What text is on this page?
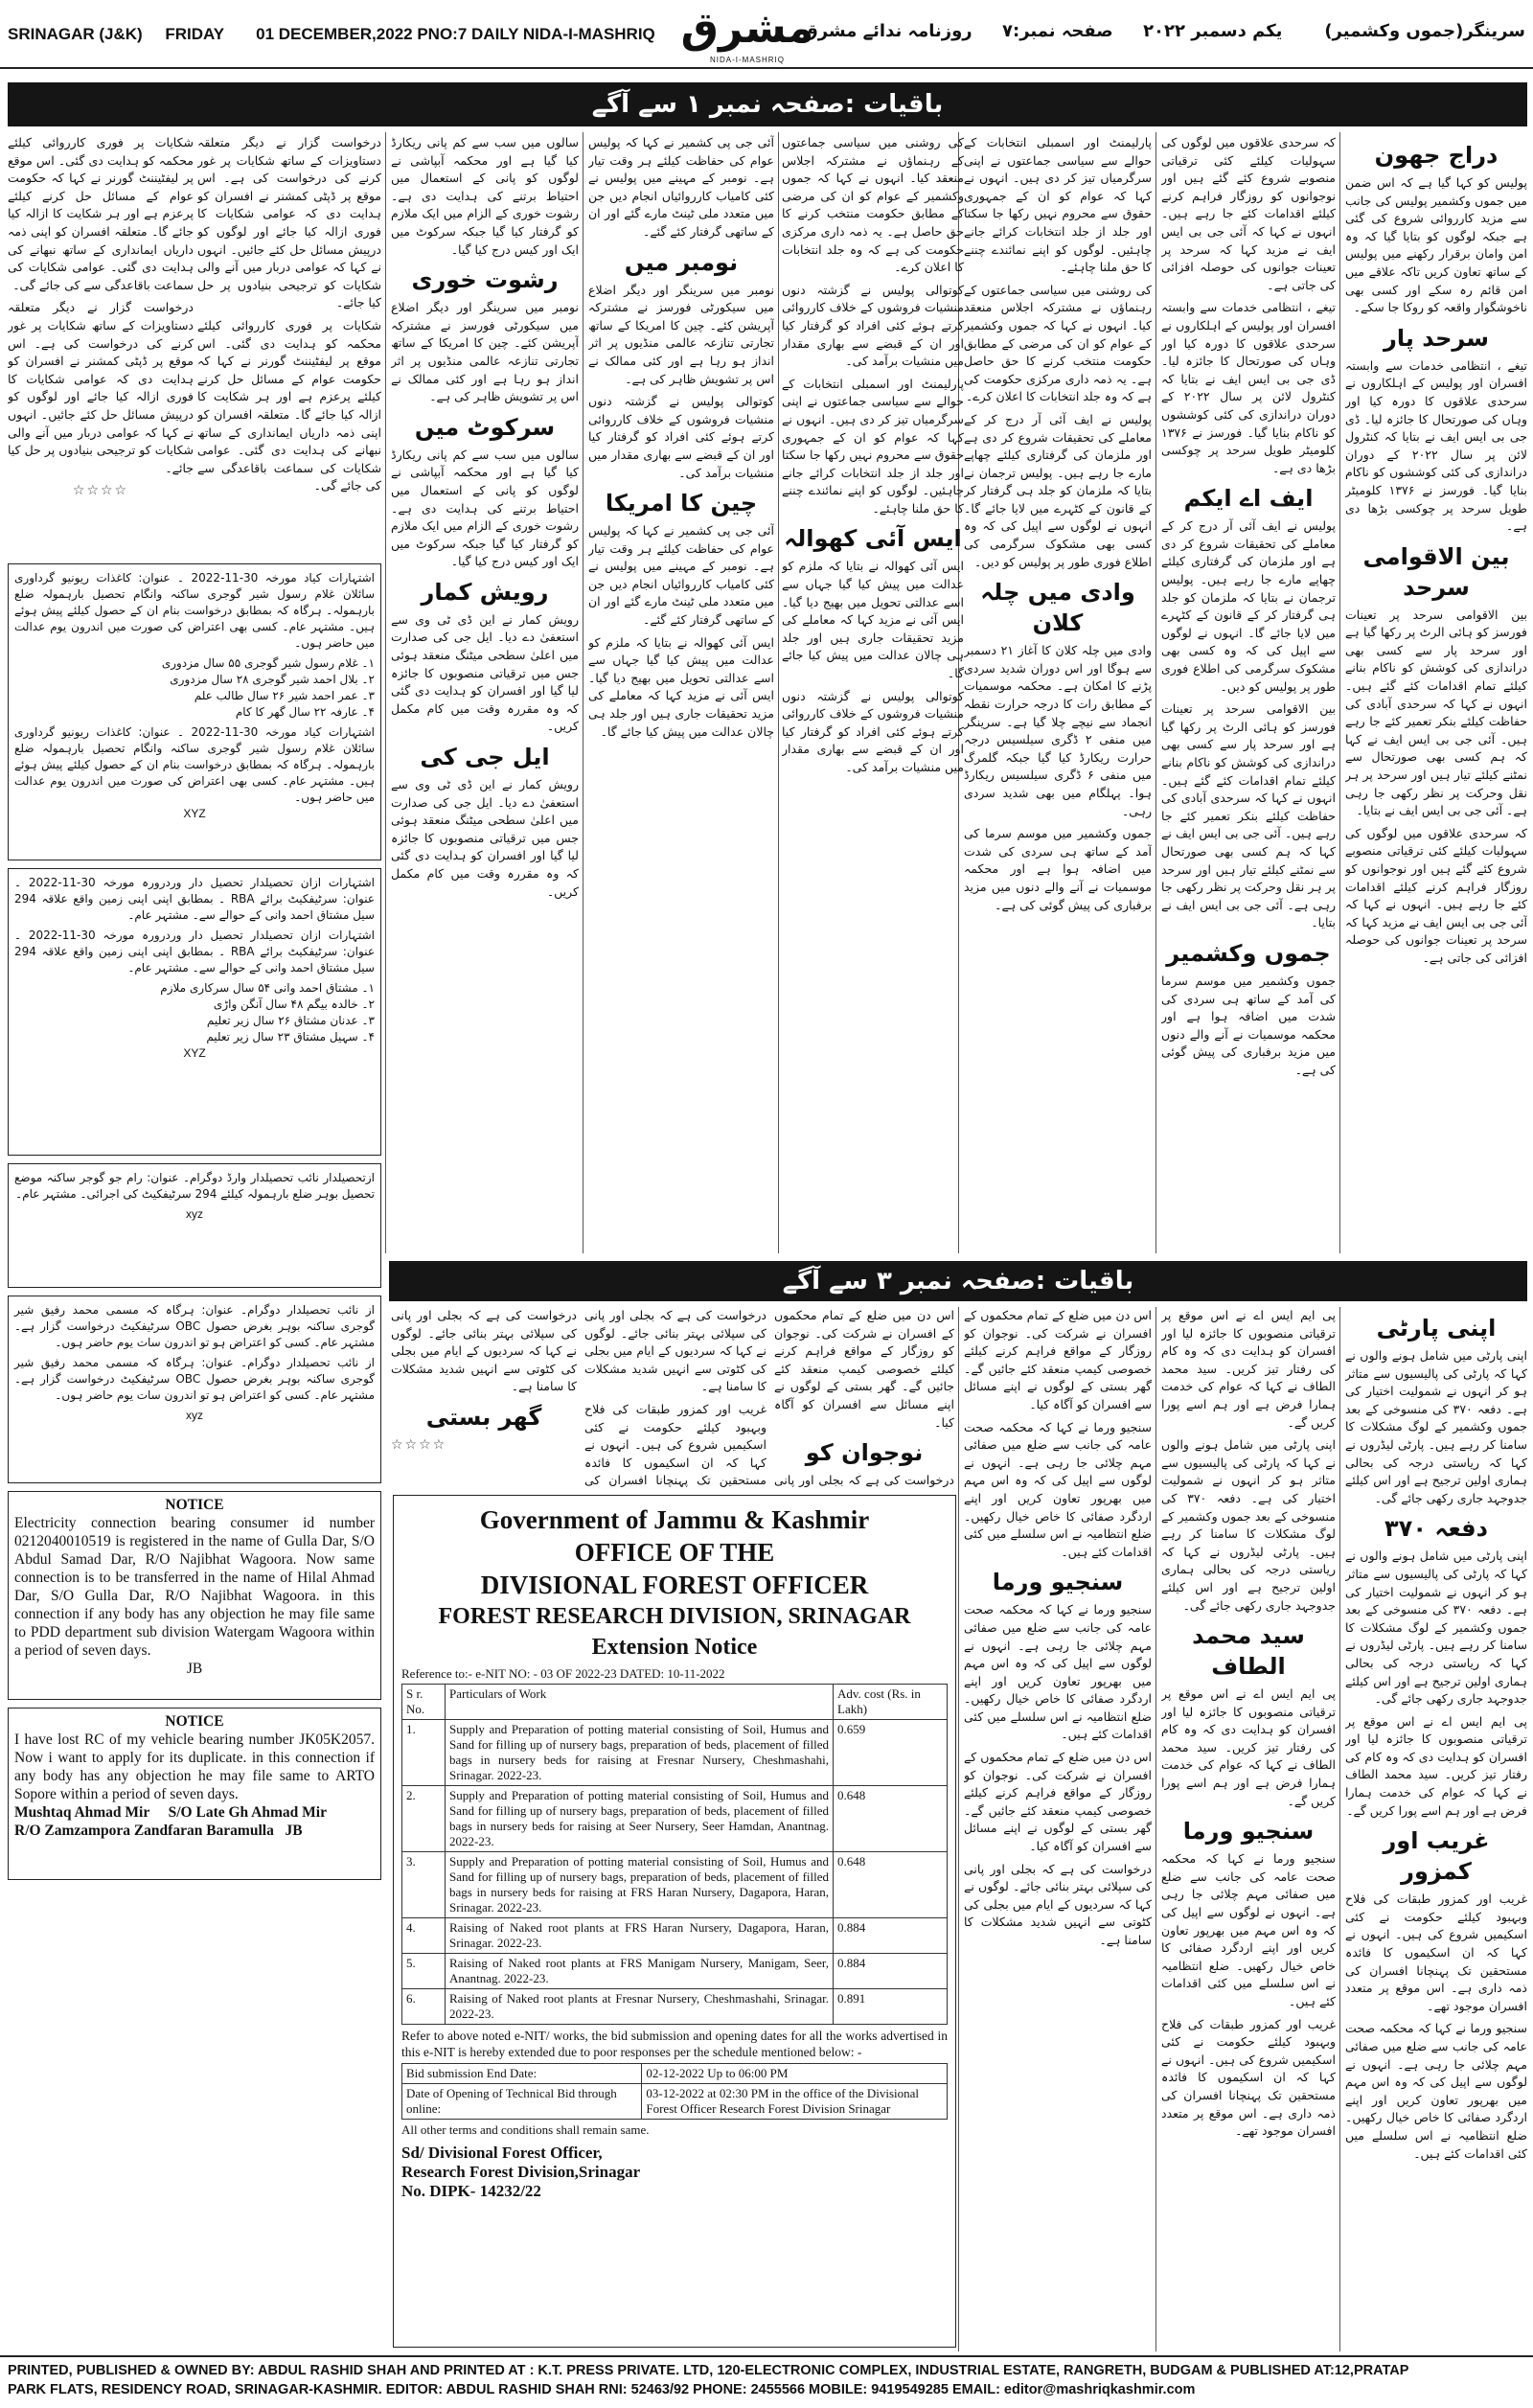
SRINAGAR (J&K) FRIDAY 01 DECEMBER,2022 PNO:7 DAILY NIDA-I-MASHRIQ مشرق
NIDA-I-MASHRIQ
سرینگر(جموں وکشمیر)       یکم دسمبر ۲۰۲۲     صفحہ نمبر:۷     روزنامہ ندائے مشرق
باقیات :صفحہ نمبر ۱ سے آگے
دراج جھون

پولیس کو کہا گیا ہے کہ اس ضمن میں جموں وکشمیر پولیس کی جانب سے مزید کارروائی شروع کی گئی ہے جبکہ لوگوں کو بتایا گیا کہ وہ امن وامان برقرار رکھنے میں پولیس کے ساتھ تعاون کریں تاکہ علاقے میں امن قائم رہ سکے اور کسی بھی ناخوشگوار واقعہ کو روکا جا سکے۔

سرحد پار

تیغے ، انتظامی خدمات سے وابستہ افسران اور پولیس کے اہلکاروں نے سرحدی علاقوں کا دورہ کیا اور وہاں کی صورتحال کا جائزہ لیا۔ ڈی جی بی ایس ایف نے بتایا کہ کنٹرول لائن پر سال ۲۰۲۲ کے دوران دراندازی کی کئی کوششوں کو ناکام بنایا گیا۔ فورسز نے ۱۳۷۶ کلومیٹر طویل سرحد پر چوکسی بڑھا دی ہے۔

بین الاقوامی سرحد

بین الاقوامی سرحد پر تعینات فورسز کو ہائی الرٹ پر رکھا گیا ہے اور سرحد پار سے کسی بھی دراندازی کی کوشش کو ناکام بنانے کیلئے تمام اقدامات کئے گئے ہیں۔ انہوں نے کہا کہ سرحدی آبادی کی حفاظت کیلئے بنکر تعمیر کئے جا رہے ہیں۔ آئی جی بی ایس ایف نے کہا کہ ہم کسی بھی صورتحال سے نمٹنے کیلئے تیار ہیں اور سرحد پر ہر نقل وحرکت پر نظر رکھی جا رہی ہے۔ آئی جی بی ایس ایف نے بتایا۔

کہ سرحدی علاقوں میں لوگوں کی سہولیات کیلئے کئی ترقیاتی منصوبے شروع کئے گئے ہیں اور نوجوانوں کو روزگار فراہم کرنے کیلئے اقدامات کئے جا رہے ہیں۔ انہوں نے کہا کہ آئی جی بی ایس ایف نے مزید کہا کہ سرحد پر تعینات جوانوں کی حوصلہ افزائی کی جاتی ہے۔

کہ سرحدی علاقوں میں لوگوں کی سہولیات کیلئے کئی ترقیاتی منصوبے شروع کئے گئے ہیں اور نوجوانوں کو روزگار فراہم کرنے کیلئے اقدامات کئے جا رہے ہیں۔ انہوں نے کہا کہ آئی جی بی ایس ایف نے مزید کہا کہ سرحد پر تعینات جوانوں کی حوصلہ افزائی کی جاتی ہے۔

تیغے ، انتظامی خدمات سے وابستہ افسران اور پولیس کے اہلکاروں نے سرحدی علاقوں کا دورہ کیا اور وہاں کی صورتحال کا جائزہ لیا۔ ڈی جی بی ایس ایف نے بتایا کہ کنٹرول لائن پر سال ۲۰۲۲ کے دوران دراندازی کی کئی کوششوں کو ناکام بنایا گیا۔ فورسز نے ۱۳۷۶ کلومیٹر طویل سرحد پر چوکسی بڑھا دی ہے۔

ایف اے ایکم

پولیس نے ایف آئی آر درج کر کے معاملے کی تحقیقات شروع کر دی ہے اور ملزمان کی گرفتاری کیلئے چھاپے مارے جا رہے ہیں۔ پولیس ترجمان نے بتایا کہ ملزمان کو جلد ہی گرفتار کر کے قانون کے کٹہرے میں لایا جائے گا۔ انہوں نے لوگوں سے اپیل کی کہ وہ کسی بھی مشکوک سرگرمی کی اطلاع فوری طور پر پولیس کو دیں۔

بین الاقوامی سرحد پر تعینات فورسز کو ہائی الرٹ پر رکھا گیا ہے اور سرحد پار سے کسی بھی دراندازی کی کوشش کو ناکام بنانے کیلئے تمام اقدامات کئے گئے ہیں۔ انہوں نے کہا کہ سرحدی آبادی کی حفاظت کیلئے بنکر تعمیر کئے جا رہے ہیں۔ آئی جی بی ایس ایف نے کہا کہ ہم کسی بھی صورتحال سے نمٹنے کیلئے تیار ہیں اور سرحد پر ہر نقل وحرکت پر نظر رکھی جا رہی ہے۔ آئی جی بی ایس ایف نے بتایا۔

جموں وکشمیر

جموں وکشمیر میں موسم سرما کی آمد کے ساتھ ہی سردی کی شدت میں اضافہ ہوا ہے اور محکمہ موسمیات نے آنے والے دنوں میں مزید برفباری کی پیش گوئی کی ہے۔

پارلیمنٹ اور اسمبلی انتخابات کے حوالے سے سیاسی جماعتوں نے اپنی سرگرمیاں تیز کر دی ہیں۔ انہوں نے کہا کہ عوام کو ان کے جمہوری حقوق سے محروم نہیں رکھا جا سکتا اور جلد از جلد انتخابات کرائے جانے چاہئیں۔ لوگوں کو اپنے نمائندے چننے کا حق ملنا چاہئے۔

کی روشنی میں سیاسی جماعتوں کے رہنماؤں نے مشترکہ اجلاس منعقد کیا۔ انہوں نے کہا کہ جموں وکشمیر کے عوام کو ان کی مرضی کے مطابق حکومت منتخب کرنے کا حق حاصل ہے۔ یہ ذمہ داری مرکزی حکومت کی ہے کہ وہ جلد انتخابات کا اعلان کرے۔

پولیس نے ایف آئی آر درج کر کے معاملے کی تحقیقات شروع کر دی ہے اور ملزمان کی گرفتاری کیلئے چھاپے مارے جا رہے ہیں۔ پولیس ترجمان نے بتایا کہ ملزمان کو جلد ہی گرفتار کر کے قانون کے کٹہرے میں لایا جائے گا۔ انہوں نے لوگوں سے اپیل کی کہ وہ کسی بھی مشکوک سرگرمی کی اطلاع فوری طور پر پولیس کو دیں۔

وادی میں چلہ کلان

وادی میں چلہ کلان کا آغاز ۲۱ دسمبر سے ہوگا اور اس دوران شدید سردی پڑنے کا امکان ہے۔ محکمہ موسمیات کے مطابق رات کا درجہ حرارت نقطہ انجماد سے نیچے چلا گیا ہے۔ سرینگر میں منفی ۲ ڈگری سیلسیس درجہ حرارت ریکارڈ کیا گیا جبکہ گلمرگ میں منفی ۶ ڈگری سیلسیس ریکارڈ ہوا۔ پہلگام میں بھی شدید سردی رہی۔

جموں وکشمیر میں موسم سرما کی آمد کے ساتھ ہی سردی کی شدت میں اضافہ ہوا ہے اور محکمہ موسمیات نے آنے والے دنوں میں مزید برفباری کی پیش گوئی کی ہے۔

کی روشنی میں سیاسی جماعتوں کے رہنماؤں نے مشترکہ اجلاس منعقد کیا۔ انہوں نے کہا کہ جموں وکشمیر کے عوام کو ان کی مرضی کے مطابق حکومت منتخب کرنے کا حق حاصل ہے۔ یہ ذمہ داری مرکزی حکومت کی ہے کہ وہ جلد انتخابات کا اعلان کرے۔

کوتوالی پولیس نے گزشتہ دنوں منشیات فروشوں کے خلاف کارروائی کرتے ہوئے کئی افراد کو گرفتار کیا اور ان کے قبضے سے بھاری مقدار میں منشیات برآمد کی۔

پارلیمنٹ اور اسمبلی انتخابات کے حوالے سے سیاسی جماعتوں نے اپنی سرگرمیاں تیز کر دی ہیں۔ انہوں نے کہا کہ عوام کو ان کے جمہوری حقوق سے محروم نہیں رکھا جا سکتا اور جلد از جلد انتخابات کرائے جانے چاہئیں۔ لوگوں کو اپنے نمائندے چننے کا حق ملنا چاہئے۔

ایس آئی کھوالہ

ایس آئی کھوالہ نے بتایا کہ ملزم کو عدالت میں پیش کیا گیا جہاں سے اسے عدالتی تحویل میں بھیج دیا گیا۔ ایس آئی نے مزید کہا کہ معاملے کی مزید تحقیقات جاری ہیں اور جلد ہی چالان عدالت میں پیش کیا جائے گا۔

کوتوالی پولیس نے گزشتہ دنوں منشیات فروشوں کے خلاف کارروائی کرتے ہوئے کئی افراد کو گرفتار کیا اور ان کے قبضے سے بھاری مقدار میں منشیات برآمد کی۔

آئی جی پی کشمیر نے کہا کہ پولیس عوام کی حفاظت کیلئے ہر وقت تیار ہے۔ نومبر کے مہینے میں پولیس نے کئی کامیاب کارروائیاں انجام دیں جن میں متعدد ملی ٹینٹ مارے گئے اور ان کے ساتھی گرفتار کئے گئے۔

نومبر میں

نومبر میں سرینگر اور دیگر اضلاع میں سیکورٹی فورسز نے مشترکہ آپریشن کئے۔ چین کا امریکا کے ساتھ تجارتی تنازعہ عالمی منڈیوں پر اثر انداز ہو رہا ہے اور کئی ممالک نے اس پر تشویش ظاہر کی ہے۔

کوتوالی پولیس نے گزشتہ دنوں منشیات فروشوں کے خلاف کارروائی کرتے ہوئے کئی افراد کو گرفتار کیا اور ان کے قبضے سے بھاری مقدار میں منشیات برآمد کی۔

چین کا امریکا

آئی جی پی کشمیر نے کہا کہ پولیس عوام کی حفاظت کیلئے ہر وقت تیار ہے۔ نومبر کے مہینے میں پولیس نے کئی کامیاب کارروائیاں انجام دیں جن میں متعدد ملی ٹینٹ مارے گئے اور ان کے ساتھی گرفتار کئے گئے۔

ایس آئی کھوالہ نے بتایا کہ ملزم کو عدالت میں پیش کیا گیا جہاں سے اسے عدالتی تحویل میں بھیج دیا گیا۔ ایس آئی نے مزید کہا کہ معاملے کی مزید تحقیقات جاری ہیں اور جلد ہی چالان عدالت میں پیش کیا جائے گا۔

سالوں میں سب سے کم پانی ریکارڈ کیا گیا ہے اور محکمہ آبپاشی نے لوگوں کو پانی کے استعمال میں احتیاط برتنے کی ہدایت دی ہے۔ رشوت خوری کے الزام میں ایک ملازم کو گرفتار کیا گیا جبکہ سرکوٹ میں ایک اور کیس درج کیا گیا۔

رشوت خوری

نومبر میں سرینگر اور دیگر اضلاع میں سیکورٹی فورسز نے مشترکہ آپریشن کئے۔ چین کا امریکا کے ساتھ تجارتی تنازعہ عالمی منڈیوں پر اثر انداز ہو رہا ہے اور کئی ممالک نے اس پر تشویش ظاہر کی ہے۔

سرکوٹ میں

سالوں میں سب سے کم پانی ریکارڈ کیا گیا ہے اور محکمہ آبپاشی نے لوگوں کو پانی کے استعمال میں احتیاط برتنے کی ہدایت دی ہے۔ رشوت خوری کے الزام میں ایک ملازم کو گرفتار کیا گیا جبکہ سرکوٹ میں ایک اور کیس درج کیا گیا۔

رویش کمار

رویش کمار نے این ڈی ٹی وی سے استعفیٰ دے دیا۔ ایل جی کی صدارت میں اعلیٰ سطحی میٹنگ منعقد ہوئی جس میں ترقیاتی منصوبوں کا جائزہ لیا گیا اور افسران کو ہدایت دی گئی کہ وہ مقررہ وقت میں کام مکمل کریں۔

ایل جی کی

رویش کمار نے این ڈی ٹی وی سے استعفیٰ دے دیا۔ ایل جی کی صدارت میں اعلیٰ سطحی میٹنگ منعقد ہوئی جس میں ترقیاتی منصوبوں کا جائزہ لیا گیا اور افسران کو ہدایت دی گئی کہ وہ مقررہ وقت میں کام مکمل کریں۔

درخواست گزار نے دیگر متعلقہ دستاویزات کے ساتھ شکایات پر غور کرنے کی درخواست کی ہے۔ اس موقع پر ڈپٹی کمشنر نے افسران کو ہدایت دی کہ عوامی شکایات کا فوری ازالہ کیا جائے اور لوگوں کو درپیش مسائل حل کئے جائیں۔ انہوں نے کہا کہ عوامی دربار میں آنے والی شکایات کو ترجیحی بنیادوں پر حل کیا جائے۔

شکایات پر فوری کارروائی کیلئے محکمہ کو ہدایت دی گئی۔ اس موقع پر لیفٹیننٹ گورنر نے کہا کہ حکومت عوام کے مسائل حل کرنے کیلئے پرعزم ہے اور ہر شکایت کا ازالہ کیا جائے گا۔ متعلقہ افسران کو اپنی ذمہ داریاں ایمانداری کے ساتھ نبھانے کی ہدایت دی گئی۔ عوامی شکایات کی سماعت باقاعدگی سے کی جائے گی۔

شکایات پر فوری کارروائی کیلئے محکمہ کو ہدایت دی گئی۔ اس موقع پر لیفٹیننٹ گورنر نے کہا کہ حکومت عوام کے مسائل حل کرنے کیلئے پرعزم ہے اور ہر شکایت کا ازالہ کیا جائے گا۔ متعلقہ افسران کو اپنی ذمہ داریاں ایمانداری کے ساتھ نبھانے کی ہدایت دی گئی۔ عوامی شکایات کی سماعت باقاعدگی سے کی جائے گی۔

درخواست گزار نے دیگر متعلقہ دستاویزات کے ساتھ شکایات پر غور کرنے کی درخواست کی ہے۔ اس موقع پر ڈپٹی کمشنر نے افسران کو ہدایت دی کہ عوامی شکایات کا فوری ازالہ کیا جائے اور لوگوں کو درپیش مسائل حل کئے جائیں۔ انہوں نے کہا کہ عوامی دربار میں آنے والی شکایات کو ترجیحی بنیادوں پر حل کیا جائے۔

☆☆☆☆

اشتہارات کیاد مورخہ 30-11-2022 ۔ عنوان: کاغذات ریونیو گرداوری سائلان غلام رسول شیر گوجری ساکنہ وانگام تحصیل بارہمولہ ضلع بارہمولہ۔ ہرگاہ کہ بمطابق درخواست بنام ان کے حصول کیلئے پیش ہوئے ہیں۔ مشتہر عام۔ کسی بھی اعتراض کی صورت میں اندرون یوم عدالت میں حاضر ہوں۔

۱۔ غلام رسول شیر گوجری ۵۵ سال مزدوری
۲۔ بلال احمد شیر گوجری ۲۸ سال مزدوری
۳۔ عمر احمد شیر ۲۶ سال طالب علم
۴۔ عارفہ ۲۲ سال گھر کا کام

اشتہارات کیاد مورخہ 30-11-2022 ۔ عنوان: کاغذات ریونیو گرداوری سائلان غلام رسول شیر گوجری ساکنہ وانگام تحصیل بارہمولہ ضلع بارہمولہ۔ ہرگاہ کہ بمطابق درخواست بنام ان کے حصول کیلئے پیش ہوئے ہیں۔ مشتہر عام۔ کسی بھی اعتراض کی صورت میں اندرون یوم عدالت میں حاضر ہوں۔

XYZ

اشتہارات ازان تحصیلدار تحصیل دار وردرورہ مورخہ 30-11-2022 ۔ عنوان: سرٹیفکیٹ برائے RBA ۔ بمطابق اپنی اپنی زمین واقع علاقہ 294 سیل مشتاق احمد وانی کے حوالے سے۔ مشتہر عام۔

اشتہارات ازان تحصیلدار تحصیل دار وردرورہ مورخہ 30-11-2022 ۔ عنوان: سرٹیفکیٹ برائے RBA ۔ بمطابق اپنی اپنی زمین واقع علاقہ 294 سیل مشتاق احمد وانی کے حوالے سے۔ مشتہر عام۔

۱۔ مشتاق احمد وانی ۵۴ سال سرکاری ملازم
۲۔ خالدہ بیگم ۴۸ سال آنگن واڑی
۳۔ عدنان مشتاق ۲۶ سال زیر تعلیم
۴۔ سہیل مشتاق ۲۳ سال زیر تعلیم
XYZ

ازتحصیلدار نائب تحصیلدار وارڈ دوگرام۔ عنوان: رام جو گوجر ساکنہ موضع تحصیل بوہر ضلع بارہمولہ کیلئے 294 سرٹیفکیٹ کی اجرائی۔ مشتہر عام۔

xyz

از نائب تحصیلدار دوگرام۔ عنوان: ہرگاہ کہ مسمی محمد رفیق شیر گوجری ساکنہ بوہر بغرض حصول OBC سرٹیفکیٹ درخواست گزار ہے۔ مشتہر عام۔ کسی کو اعتراض ہو تو اندرون سات یوم حاضر ہوں۔

از نائب تحصیلدار دوگرام۔ عنوان: ہرگاہ کہ مسمی محمد رفیق شیر گوجری ساکنہ بوہر بغرض حصول OBC سرٹیفکیٹ درخواست گزار ہے۔ مشتہر عام۔ کسی کو اعتراض ہو تو اندرون سات یوم حاضر ہوں۔

xyz
NOTICE

Electricity connection bearing consumer id number 0212040010519 is registered in the name of Gulla Dar, S/O Abdul Samad Dar, R/O Najibhat Wagoora. Now same connection is to be transferred in the name of Hilal Ahmad Dar, S/O Gulla Dar, R/O Najibhat Wagoora. in this connection if any body has any objection he may file same to PDD department sub division Watergam Wagoora within a period of seven days.

JB
NOTICE

I have lost RC of my vehicle bearing number JK05K2057. Now i want to apply for its duplicate. in this connection if any body has any objection he may file same to ARTO Sopore within a period of seven days.

Mushtaq Ahmad Mir S/O Late Gh Ahmad Mir
R/O Zamzampora Zandfaran Baramulla JB
باقیات :صفحہ نمبر ۳ سے آگے
اپنی پارٹی

اپنی پارٹی میں شامل ہونے والوں نے کہا کہ پارٹی کی پالیسیوں سے متاثر ہو کر انہوں نے شمولیت اختیار کی ہے۔ دفعہ ۳۷۰ کی منسوخی کے بعد جموں وکشمیر کے لوگ مشکلات کا سامنا کر رہے ہیں۔ پارٹی لیڈروں نے کہا کہ ریاستی درجہ کی بحالی ہماری اولین ترجیح ہے اور اس کیلئے جدوجہد جاری رکھی جائے گی۔

دفعہ ۳۷۰

اپنی پارٹی میں شامل ہونے والوں نے کہا کہ پارٹی کی پالیسیوں سے متاثر ہو کر انہوں نے شمولیت اختیار کی ہے۔ دفعہ ۳۷۰ کی منسوخی کے بعد جموں وکشمیر کے لوگ مشکلات کا سامنا کر رہے ہیں۔ پارٹی لیڈروں نے کہا کہ ریاستی درجہ کی بحالی ہماری اولین ترجیح ہے اور اس کیلئے جدوجہد جاری رکھی جائے گی۔

پی ایم ایس اے نے اس موقع پر ترقیاتی منصوبوں کا جائزہ لیا اور افسران کو ہدایت دی کہ وہ کام کی رفتار تیز کریں۔ سید محمد الطاف نے کہا کہ عوام کی خدمت ہمارا فرض ہے اور ہم اسے پورا کریں گے۔

غریب اور کمزور

غریب اور کمزور طبقات کی فلاح وبہبود کیلئے حکومت نے کئی اسکیمیں شروع کی ہیں۔ انہوں نے کہا کہ ان اسکیموں کا فائدہ مستحقین تک پہنچانا افسران کی ذمہ داری ہے۔ اس موقع پر متعدد افسران موجود تھے۔

سنجیو ورما نے کہا کہ محکمہ صحت عامہ کی جانب سے ضلع میں صفائی مہم چلائی جا رہی ہے۔ انہوں نے لوگوں سے اپیل کی کہ وہ اس مہم میں بھرپور تعاون کریں اور اپنے اردگرد صفائی کا خاص خیال رکھیں۔ ضلع انتظامیہ نے اس سلسلے میں کئی اقدامات کئے ہیں۔

پی ایم ایس اے نے اس موقع پر ترقیاتی منصوبوں کا جائزہ لیا اور افسران کو ہدایت دی کہ وہ کام کی رفتار تیز کریں۔ سید محمد الطاف نے کہا کہ عوام کی خدمت ہمارا فرض ہے اور ہم اسے پورا کریں گے۔

اپنی پارٹی میں شامل ہونے والوں نے کہا کہ پارٹی کی پالیسیوں سے متاثر ہو کر انہوں نے شمولیت اختیار کی ہے۔ دفعہ ۳۷۰ کی منسوخی کے بعد جموں وکشمیر کے لوگ مشکلات کا سامنا کر رہے ہیں۔ پارٹی لیڈروں نے کہا کہ ریاستی درجہ کی بحالی ہماری اولین ترجیح ہے اور اس کیلئے جدوجہد جاری رکھی جائے گی۔

سید محمد الطاف

پی ایم ایس اے نے اس موقع پر ترقیاتی منصوبوں کا جائزہ لیا اور افسران کو ہدایت دی کہ وہ کام کی رفتار تیز کریں۔ سید محمد الطاف نے کہا کہ عوام کی خدمت ہمارا فرض ہے اور ہم اسے پورا کریں گے۔

سنجیو ورما

سنجیو ورما نے کہا کہ محکمہ صحت عامہ کی جانب سے ضلع میں صفائی مہم چلائی جا رہی ہے۔ انہوں نے لوگوں سے اپیل کی کہ وہ اس مہم میں بھرپور تعاون کریں اور اپنے اردگرد صفائی کا خاص خیال رکھیں۔ ضلع انتظامیہ نے اس سلسلے میں کئی اقدامات کئے ہیں۔

غریب اور کمزور طبقات کی فلاح وبہبود کیلئے حکومت نے کئی اسکیمیں شروع کی ہیں۔ انہوں نے کہا کہ ان اسکیموں کا فائدہ مستحقین تک پہنچانا افسران کی ذمہ داری ہے۔ اس موقع پر متعدد افسران موجود تھے۔

اس دن میں ضلع کے تمام محکموں کے افسران نے شرکت کی۔ نوجوان کو روزگار کے مواقع فراہم کرنے کیلئے خصوصی کیمپ منعقد کئے جائیں گے۔ گھر بستی کے لوگوں نے اپنے مسائل سے افسران کو آگاہ کیا۔

سنجیو ورما نے کہا کہ محکمہ صحت عامہ کی جانب سے ضلع میں صفائی مہم چلائی جا رہی ہے۔ انہوں نے لوگوں سے اپیل کی کہ وہ اس مہم میں بھرپور تعاون کریں اور اپنے اردگرد صفائی کا خاص خیال رکھیں۔ ضلع انتظامیہ نے اس سلسلے میں کئی اقدامات کئے ہیں۔

سنجیو ورما

سنجیو ورما نے کہا کہ محکمہ صحت عامہ کی جانب سے ضلع میں صفائی مہم چلائی جا رہی ہے۔ انہوں نے لوگوں سے اپیل کی کہ وہ اس مہم میں بھرپور تعاون کریں اور اپنے اردگرد صفائی کا خاص خیال رکھیں۔ ضلع انتظامیہ نے اس سلسلے میں کئی اقدامات کئے ہیں۔

اس دن میں ضلع کے تمام محکموں کے افسران نے شرکت کی۔ نوجوان کو روزگار کے مواقع فراہم کرنے کیلئے خصوصی کیمپ منعقد کئے جائیں گے۔ گھر بستی کے لوگوں نے اپنے مسائل سے افسران کو آگاہ کیا۔

درخواست کی ہے کہ بجلی اور پانی کی سپلائی بہتر بنائی جائے۔ لوگوں نے کہا کہ سردیوں کے ایام میں بجلی کی کٹوتی سے انہیں شدید مشکلات کا سامنا ہے۔

اس دن میں ضلع کے تمام محکموں کے افسران نے شرکت کی۔ نوجوان کو روزگار کے مواقع فراہم کرنے کیلئے خصوصی کیمپ منعقد کئے جائیں گے۔ گھر بستی کے لوگوں نے اپنے مسائل سے افسران کو آگاہ کیا۔

نوجوان کو

درخواست کی ہے کہ بجلی اور پانی

درخواست کی ہے کہ بجلی اور پانی کی سپلائی بہتر بنائی جائے۔ لوگوں نے کہا کہ سردیوں کے ایام میں بجلی کی کٹوتی سے انہیں شدید مشکلات کا سامنا ہے۔

غریب اور کمزور طبقات کی فلاح وبہبود کیلئے حکومت نے کئی اسکیمیں شروع کی ہیں۔ انہوں نے کہا کہ ان اسکیموں کا فائدہ مستحقین تک پہنچانا افسران کی

درخواست کی ہے کہ بجلی اور پانی کی سپلائی بہتر بنائی جائے۔ لوگوں نے کہا کہ سردیوں کے ایام میں بجلی کی کٹوتی سے انہیں شدید مشکلات کا سامنا ہے۔

گھر بستی
☆☆☆☆
Government of Jammu & Kashmir
OFFICE OF THE
DIVISIONAL FOREST OFFICER
FOREST RESEARCH DIVISION, SRINAGAR
Extension Notice
Reference to:- e-NIT NO: - 03 OF 2022-23 DATED: 10-11-2022
S r. No.	Particulars of Work	Adv. cost (Rs. in Lakh)
1.	Supply and Preparation of potting material consisting of Soil, Humus and Sand for filling up of nursery bags, preparation of beds, placement of filled bags in nursery beds for raising at Fresnar Nursery, Cheshmashahi, Srinagar. 2022-23.	0.659
2.	Supply and Preparation of potting material consisting of Soil, Humus and Sand for filling up of nursery bags, preparation of beds, placement of filled bags in nursery beds for raising at Seer Nursery, Seer Hamdan, Anantnag. 2022-23.	0.648
3.	Supply and Preparation of potting material consisting of Soil, Humus and Sand for filling up of nursery bags, preparation of beds, placement of filled bags in nursery beds for raising at FRS Haran Nursery, Dagapora, Haran, Srinagar. 2022-23.	0.648
4.	Raising of Naked root plants at FRS Haran Nursery, Dagapora, Haran, Srinagar. 2022-23.	0.884
5.	Raising of Naked root plants at FRS Manigam Nursery, Manigam, Seer, Anantnag. 2022-23.	0.884
6.	Raising of Naked root plants at Fresnar Nursery, Cheshmashahi, Srinagar. 2022-23.	0.891
Refer to above noted e-NIT/ works, the bid submission and opening dates for all the works advertised in this e-NIT is hereby extended due to poor responses per the schedule mentioned below: -
Bid submission End Date:	02-12-2022 Up to 06:00 PM
Date of Opening of Technical Bid through online:	03-12-2022 at 02:30 PM in the office of the Divisional Forest Officer Research Forest Division Srinagar
All other terms and conditions shall remain same.
Sd/ Divisional Forest Officer,
Research Forest Division,Srinagar
No. DIPK- 14232/22
PRINTED, PUBLISHED & OWNED BY: ABDUL RASHID SHAH AND PRINTED AT : K.T. PRESS PRIVATE. LTD, 120-ELECTRONIC COMPLEX, INDUSTRIAL ESTATE, RANGRETH, BUDGAM & PUBLISHED AT:12,PRATAP
PARK FLATS, RESIDENCY ROAD, SRINAGAR-KASHMIR. EDITOR: ABDUL RASHID SHAH RNI: 52463/92 PHONE: 2455566 MOBILE: 9419549285 EMAIL: editor@mashriqkashmir.com
